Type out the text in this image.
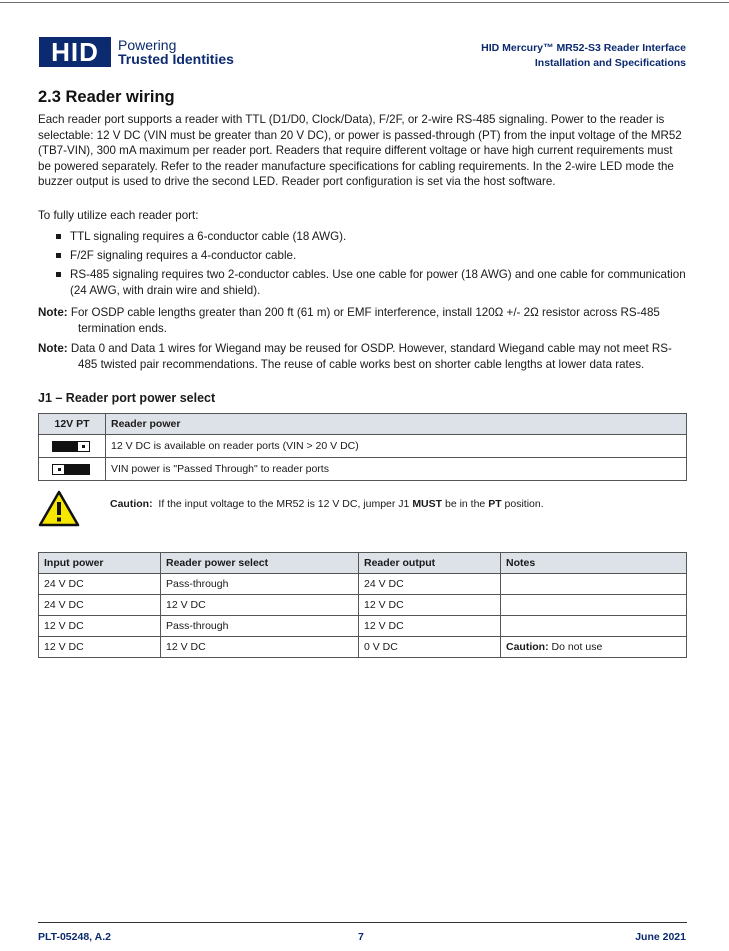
HID ® Powering
Trusted Identities
HID Mercury™ MR52-S3 Reader Interface
Installation and Specifications
2.3 Reader wiring

Each reader port supports a reader with TTL (D1/D0, Clock/Data), F/2F, or 2-wire RS-485 signaling. Power to the reader is selectable: 12 V DC (VIN must be greater than 20 V DC), or power is passed-through (PT) from the input voltage of the MR52 (TB7-VIN), 300 mA maximum per reader port. Readers that require different voltage or have high current requirements must be powered separately. Refer to the reader manufacture specifications for cabling requirements. In the 2-wire LED mode the buzzer output is used to drive the second LED. Reader port configuration is set via the host software.

To fully utilize each reader port:

TTL signaling requires a 6-conductor cable (18 AWG).
F/2F signaling requires a 4-conductor cable.
RS-485 signaling requires two 2-conductor cables. Use one cable for power (18 AWG) and one cable for communication (24 AWG, with drain wire and shield).
Note: For OSDP cable lengths greater than 200 ft (61 m) or EMF interference, install 120Ω +/- 2Ω resistor across RS-485 termination ends.
Note: Data 0 and Data 1 wires for Wiegand may be reused for OSDP. However, standard Wiegand cable may not meet RS-485 twisted pair recommendations. The reuse of cable works best on shorter cable lengths at lower data rates.
J1 – Reader port power select
12V PT	Reader power

	12 V DC is available on reader ports (VIN > 20 V DC)

	VIN power is "Passed Through" to reader ports
Caution: If the input voltage to the MR52 is 12 V DC, jumper J1 MUST be in the PT position.
Input power	Reader power select	Reader output	Notes
24 V DC	Pass-through	24 V DC	
24 V DC	12 V DC	12 V DC	
12 V DC	Pass-through	12 V DC	
12 V DC	12 V DC	0 V DC	Caution: Do not use
PLT-05248, A.2	7	June 2021
